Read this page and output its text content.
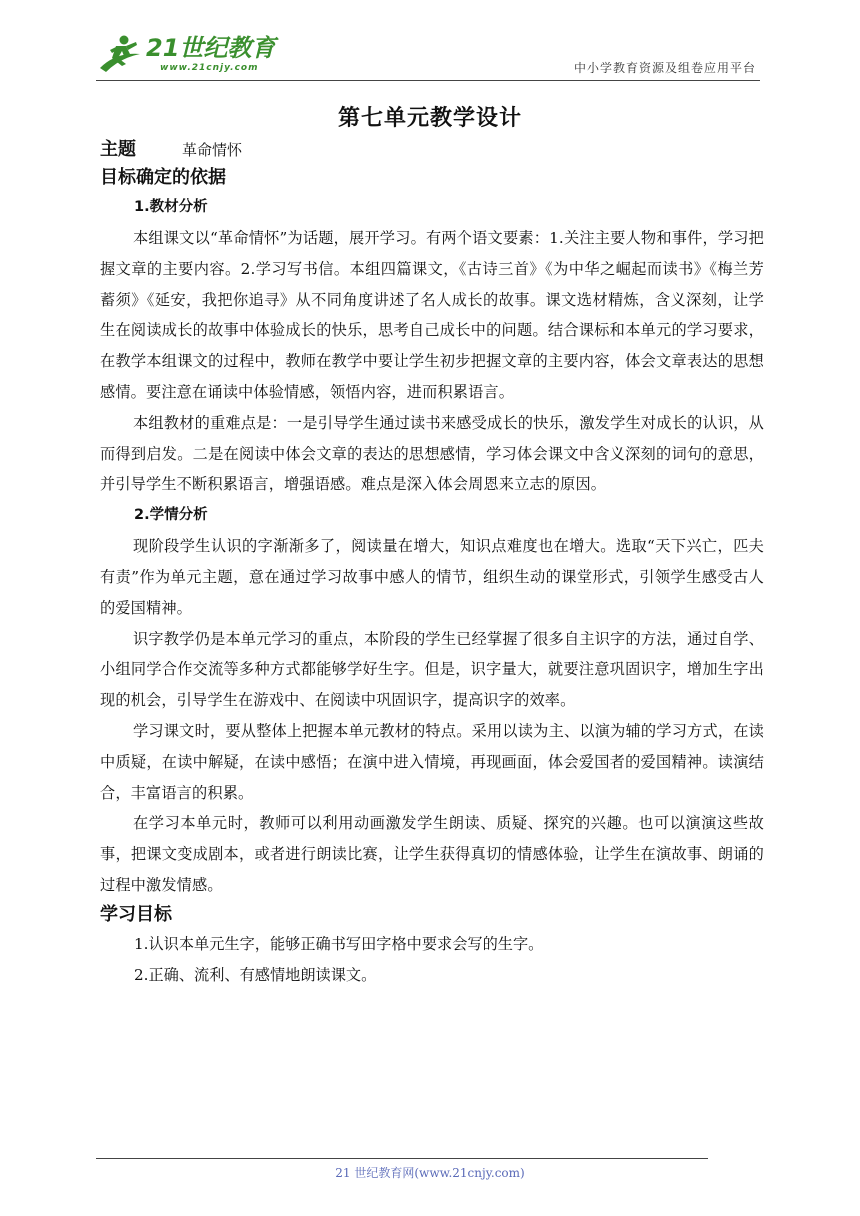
21世纪教育
www.21cnjy.com	中小学教育资源及组卷应用平台
第七单元教学设计
主题	革命情怀
目标确定的依据
1.教材分析

本组课文以“革命情怀”为话题，展开学习。有两个语文要素：1.关注主要人物和事件，学习把握文章的主要内容。2.学习写书信。本组四篇课文，《古诗三首》《为中华之崛起而读书》《梅兰芳蓄须》《延安，我把你追寻》从不同角度讲述了名人成长的故事。课文选材精炼，含义深刻，让学生在阅读成长的故事中体验成长的快乐，思考自己成长中的问题。结合课标和本单元的学习要求，在教学本组课文的过程中，教师在教学中要让学生初步把握文章的主要内容，体会文章表达的思想感情。要注意在诵读中体验情感，领悟内容，进而积累语言。

本组教材的重难点是：一是引导学生通过读书来感受成长的快乐，激发学生对成长的认识，从而得到启发。二是在阅读中体会文章的表达的思想感情，学习体会课文中含义深刻的词句的意思，并引导学生不断积累语言，增强语感。难点是深入体会周恩来立志的原因。

2.学情分析

现阶段学生认识的字渐渐多了，阅读量在增大，知识点难度也在增大。选取“天下兴亡，匹夫有责”作为单元主题，意在通过学习故事中感人的情节，组织生动的课堂形式，引领学生感受古人的爱国精神。

识字教学仍是本单元学习的重点，本阶段的学生已经掌握了很多自主识字的方法，通过自学、小组同学合作交流等多种方式都能够学好生字。但是，识字量大，就要注意巩固识字，增加生字出现的机会，引导学生在游戏中、在阅读中巩固识字，提高识字的效率。

学习课文时，要从整体上把握本单元教材的特点。采用以读为主、以演为辅的学习方式，在读中质疑，在读中解疑，在读中感悟；在演中进入情境，再现画面，体会爱国者的爱国精神。读演结合，丰富语言的积累。

在学习本单元时，教师可以利用动画激发学生朗读、质疑、探究的兴趣。也可以演演这些故事，把课文变成剧本，或者进行朗读比赛，让学生获得真切的情感体验，让学生在演故事、朗诵的过程中激发情感。

学习目标
1.认识本单元生字，能够正确书写田字格中要求会写的生字。
2.正确、流利、有感情地朗读课文。
21 世纪教育网(www.21cnjy.com)
